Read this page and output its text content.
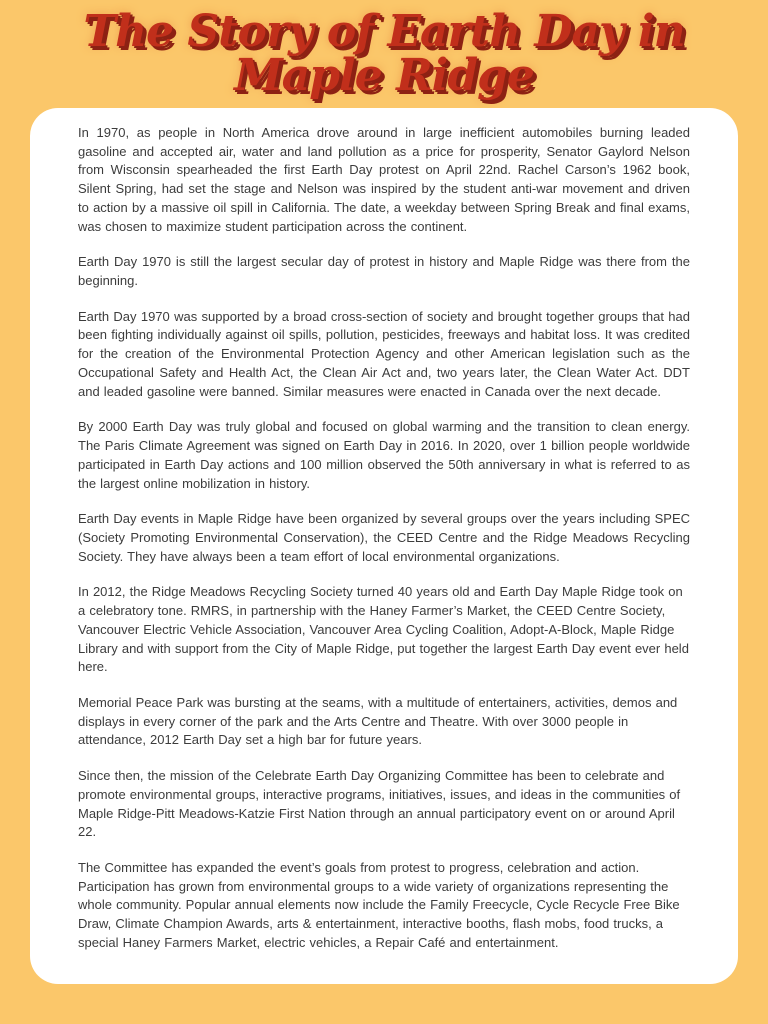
The Story of Earth Day in
Maple Ridge

In 1970, as people in North America drove around in large inefficient automobiles burning leaded gasoline and accepted air, water and land pollution as a price for prosperity, Senator Gaylord Nelson from Wisconsin spearheaded the first Earth Day protest on April 22nd. Rachel Carson’s 1962 book, Silent Spring, had set the stage and Nelson was inspired by the student anti-war movement and driven to action by a massive oil spill in California. The date, a weekday between Spring Break and final exams, was chosen to maximize student participation across the continent.

Earth Day 1970 is still the largest secular day of protest in history and Maple Ridge was there from the beginning.

Earth Day 1970 was supported by a broad cross-section of society and brought together groups that had been fighting individually against oil spills, pollution, pesticides, freeways and habitat loss. It was credited for the creation of the Environmental Protection Agency and other American legislation such as the Occupational Safety and Health Act, the Clean Air Act and, two years later, the Clean Water Act. DDT and leaded gasoline were banned. Similar measures were enacted in Canada over the next decade.

By 2000 Earth Day was truly global and focused on global warming and the transition to clean energy. The Paris Climate Agreement was signed on Earth Day in 2016. In 2020, over 1 billion people worldwide participated in Earth Day actions and 100 million observed the 50th anniversary in what is referred to as the largest online mobilization in history.

Earth Day events in Maple Ridge have been organized by several groups over the years including SPEC (Society Promoting Environmental Conservation), the CEED Centre and the Ridge Meadows Recycling Society. They have always been a team effort of local environmental organizations.

In 2012, the Ridge Meadows Recycling Society turned 40 years old and Earth Day Maple Ridge took on a celebratory tone. RMRS, in partnership with the Haney Farmer’s Market, the CEED Centre Society, Vancouver Electric Vehicle Association, Vancouver Area Cycling Coalition, Adopt-A-Block, Maple Ridge Library and with support from the City of Maple Ridge, put together the largest Earth Day event ever held here.

Memorial Peace Park was bursting at the seams, with a multitude of entertainers, activities, demos and displays in every corner of the park and the Arts Centre and Theatre. With over 3000 people in attendance, 2012 Earth Day set a high bar for future years.

Since then, the mission of the Celebrate Earth Day Organizing Committee has been to celebrate and promote environmental groups, interactive programs, initiatives, issues, and ideas in the communities of Maple Ridge-Pitt Meadows-Katzie First Nation through an annual participatory event on or around April 22.

The Committee has expanded the event’s goals from protest to progress, celebration and action. Participation has grown from environmental groups to a wide variety of organizations representing the whole community. Popular annual elements now include the Family Freecycle, Cycle Recycle Free Bike Draw, Climate Champion Awards, arts & entertainment, interactive booths, flash mobs, food trucks, a special Haney Farmers Market, electric vehicles, a Repair Café and entertainment.
